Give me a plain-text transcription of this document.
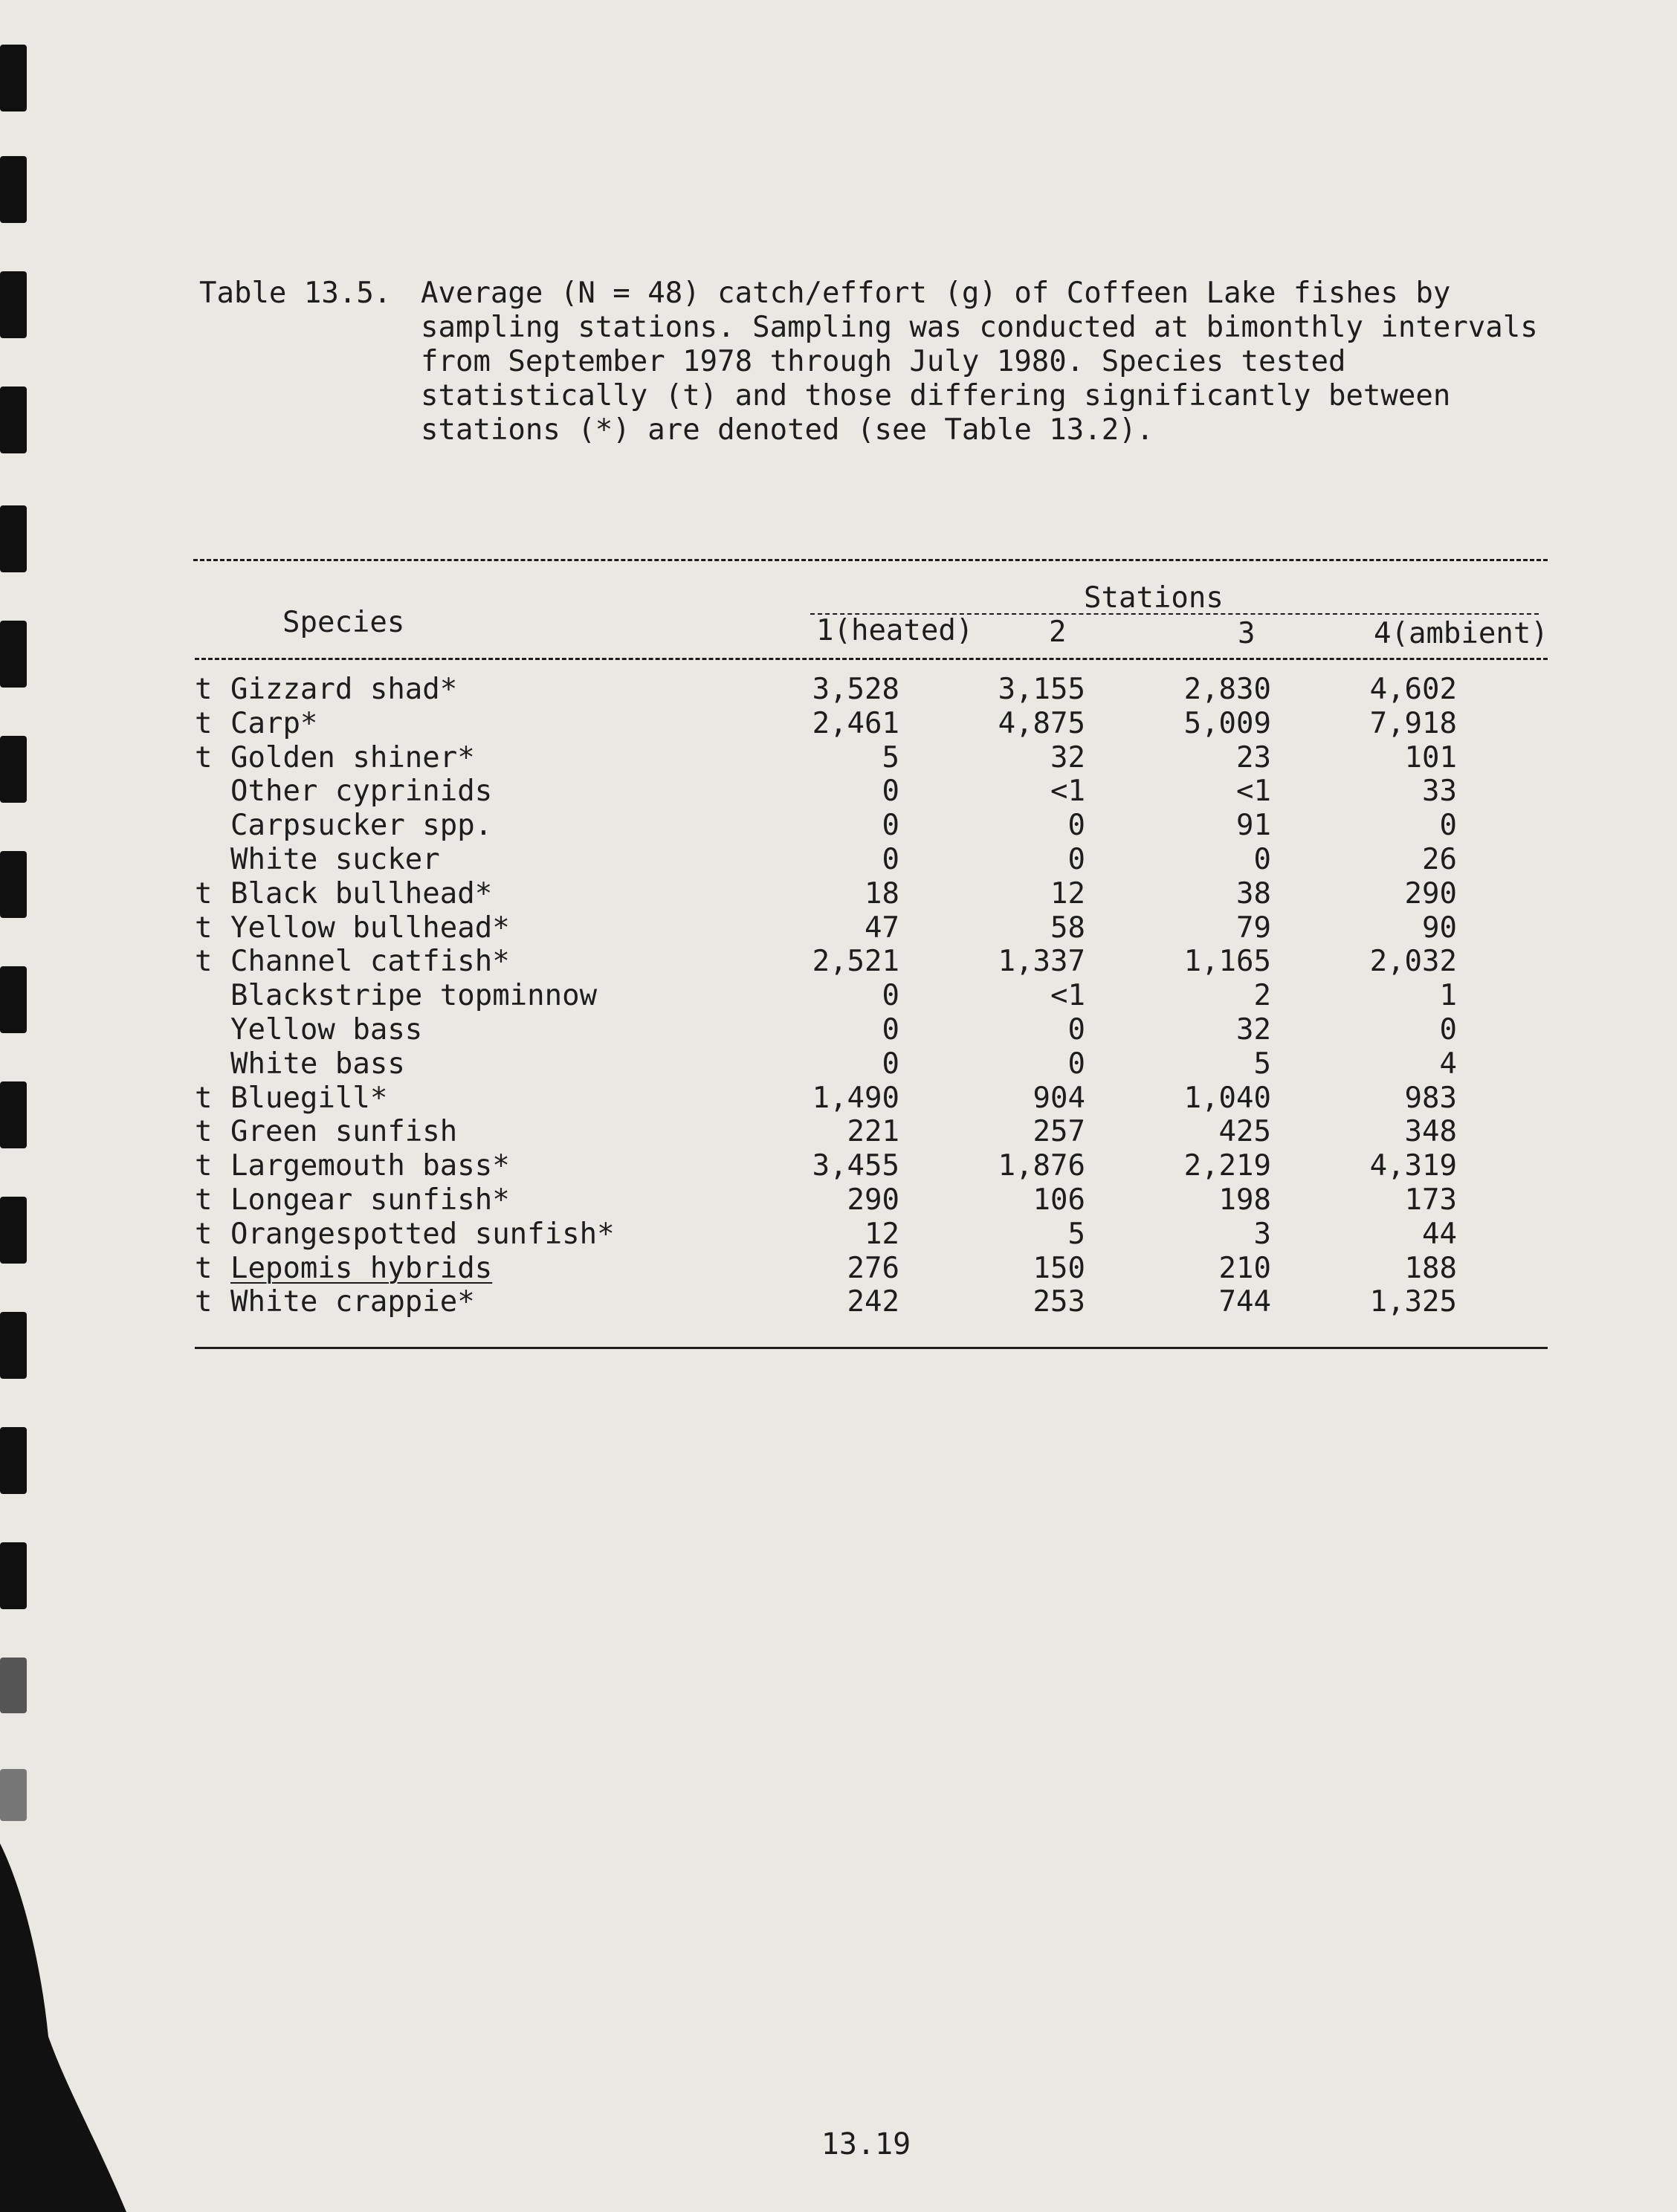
Table 13.5. Average (N = 48) catch/effort (g) of Coffeen Lake fishes by
sampling stations. Sampling was conducted at bimonthly intervals
from September 1978 through July 1980. Species tested
statistically (t) and those differing significantly between
stations (*) are denoted (see Table 13.2).
Stations
Species	1(heated)	2	3	4(ambient)
t Gizzard shad*	3,528	3,155	2,830	4,602
t Carp*	2,461	4,875	5,009	7,918
t Golden shiner*	5	32	23	101
Other cyprinids	0	<1	<1	33
Carpsucker spp.	0	0	91	0
White sucker	0	0	0	26
t Black bullhead*	18	12	38	290
t Yellow bullhead*	47	58	79	90
t Channel catfish*	2,521	1,337	1,165	2,032
Blackstripe topminnow	0	<1	2	1
Yellow bass	0	0	32	0
White bass	0	0	5	4
t Bluegill*	1,490	904	1,040	983
t Green sunfish	221	257	425	348
t Largemouth bass*	3,455	1,876	2,219	4,319
t Longear sunfish*	290	106	198	173
t Orangespotted sunfish*	12	5	3	44
t Lepomis hybrids	276	150	210	188
t White crappie*	242	253	744	1,325
13.19
